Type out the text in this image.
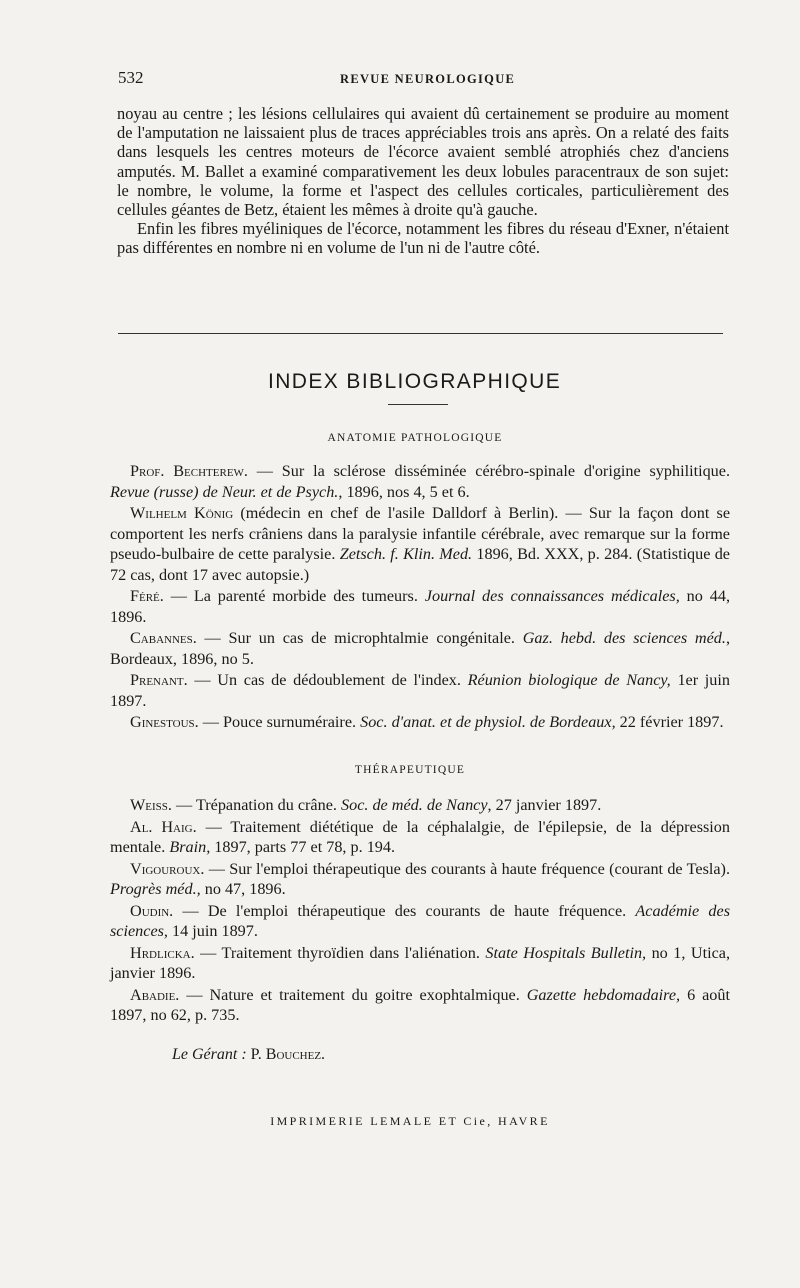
532	REVUE NEUROLOGIQUE

noyau au centre ; les lésions cellulaires qui avaient dû certainement se produire au moment de l'amputation ne laissaient plus de traces appréciables trois ans après. On a relaté des faits dans lesquels les centres moteurs de l'écorce avaient semblé atrophiés chez d'anciens amputés. M. Ballet a examiné comparativement les deux lobules paracentraux de son sujet: le nombre, le volume, la forme et l'aspect des cellules corticales, particulièrement des cellules géantes de Betz, étaient les mêmes à droite qu'à gauche.

Enfin les fibres myéliniques de l'écorce, notamment les fibres du réseau d'Exner, n'étaient pas différentes en nombre ni en volume de l'un ni de l'autre côté.

INDEX BIBLIOGRAPHIQUE
ANATOMIE PATHOLOGIQUE

Prof. Bechterew. — Sur la sclérose disséminée cérébro-spinale d'origine syphilitique. Revue (russe) de Neur. et de Psych., 1896, nos 4, 5 et 6.

Wilhelm König (médecin en chef de l'asile Dalldorf à Berlin). — Sur la façon dont se comportent les nerfs crâniens dans la paralysie infantile cérébrale, avec remarque sur la forme pseudo-bulbaire de cette paralysie. Zetsch. f. Klin. Med. 1896, Bd. XXX, p. 284. (Statistique de 72 cas, dont 17 avec autopsie.)

Féré. — La parenté morbide des tumeurs. Journal des connaissances médicales, no 44, 1896.

Cabannes. — Sur un cas de microphtalmie congénitale. Gaz. hebd. des sciences méd., Bordeaux, 1896, no 5.

Prenant. — Un cas de dédoublement de l'index. Réunion biologique de Nancy, 1er juin 1897.

Ginestous. — Pouce surnuméraire. Soc. d'anat. et de physiol. de Bordeaux, 22 février 1897.

THÉRAPEUTIQUE

Weiss. — Trépanation du crâne. Soc. de méd. de Nancy, 27 janvier 1897.

Al. Haig. — Traitement diététique de la céphalalgie, de l'épilepsie, de la dépression mentale. Brain, 1897, parts 77 et 78, p. 194.

Vigouroux. — Sur l'emploi thérapeutique des courants à haute fréquence (courant de Tesla). Progrès méd., no 47, 1896.

Oudin. — De l'emploi thérapeutique des courants de haute fréquence. Académie des sciences, 14 juin 1897.

Hrdlicka. — Traitement thyroïdien dans l'aliénation. State Hospitals Bulletin, no 1, Utica, janvier 1896.

Abadie. — Nature et traitement du goitre exophtalmique. Gazette hebdomadaire, 6 août 1897, no 62, p. 735.

Le Gérant : P. Bouchez.
IMPRIMERIE LEMALE ET Cie, HAVRE
